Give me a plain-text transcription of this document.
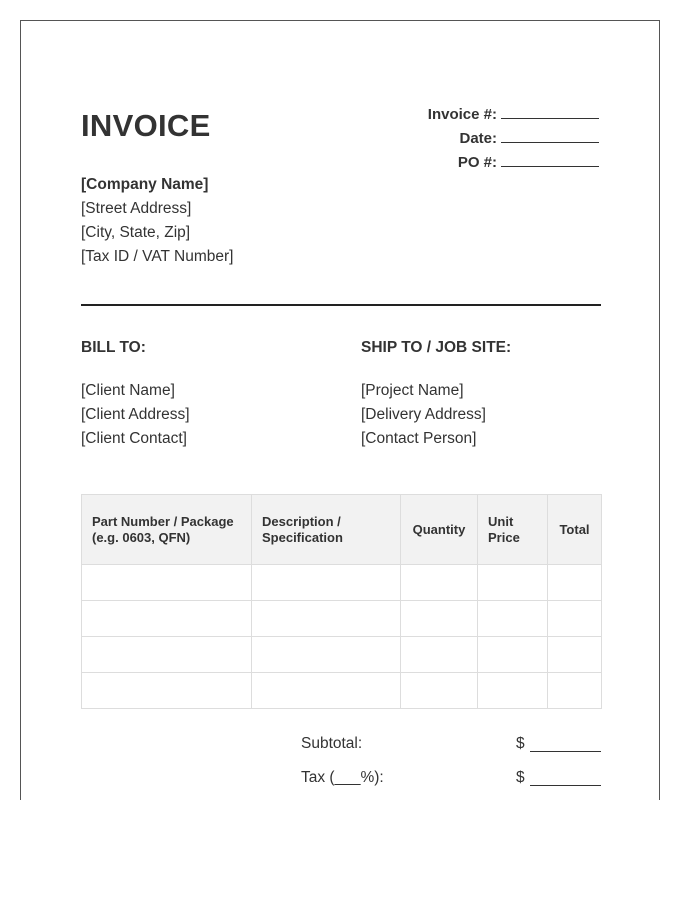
INVOICE	Invoice #:
Date:
PO #:
[Company Name]
[Street Address]
[City, State, Zip]
[Tax ID / VAT Number]
BILL TO:
[Client Name]
[Client Address]
[Client Contact]
SHIP TO / JOB SITE:
[Project Name]
[Delivery Address]
[Contact Person]
Part Number / Package (e.g. 0603, QFN)	Description / Specification	Quantity	Unit Price	Total

Subtotal:	$
Tax (___%):	$
